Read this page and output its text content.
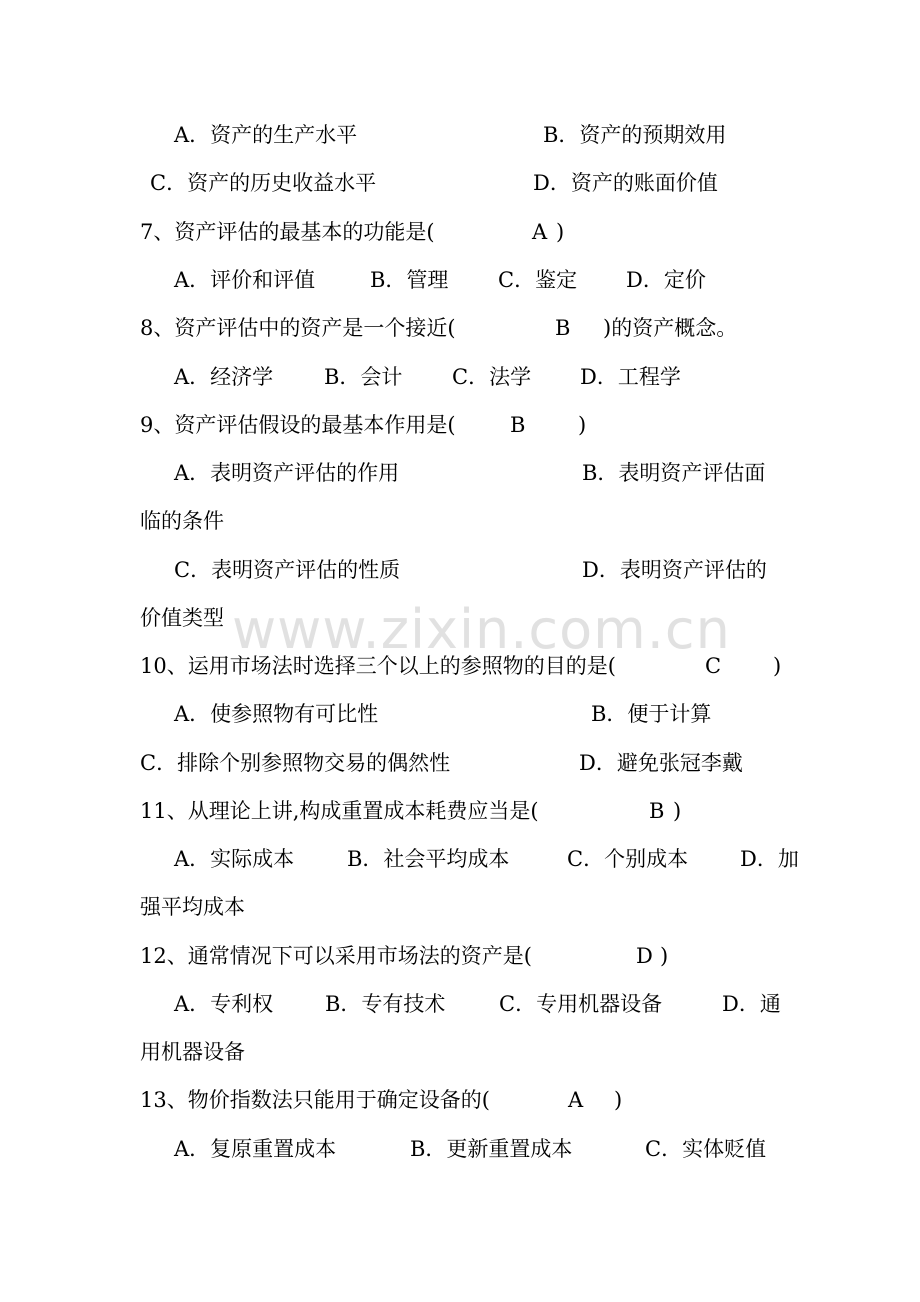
www.zixin.com.cn
A．资产的生产水平	B．资产的预期效用
C．资产的历史收益水平	D．资产的账面价值
7、资产评估的最基本的功能是(	A )
A．评价和评值	B．管理 C．鉴定 D．定价
8、资产评估中的资产是一个接近(	B )的资产概念。
A．经济学 B．会计 C．法学 D．工程学
9、资产评估假设的最基本作用是(	B	)
A．表明资产评估的作用	B．表明资产评估面
临的条件
C．表明资产评估的性质	D．表明资产评估的
价值类型
10、运用市场法时选择三个以上的参照物的目的是(	C )
A．使参照物有可比性	B．便于计算
C．排除个别参照物交易的偶然性	D．避免张冠李戴
11、从理论上讲,构成重置成本耗费应当是(	B )
A．实际成本	B．社会平均成本	C．个别成本 D．加
强平均成本
12、通常情况下可以采用市场法的资产是(	D )
A．专利权 B．专有技术	C．专用机器设备	D．通
用机器设备
13、物价指数法只能用于确定设备的(	A )
A．复原重置成本	B．更新重置成本	C．实体贬值
